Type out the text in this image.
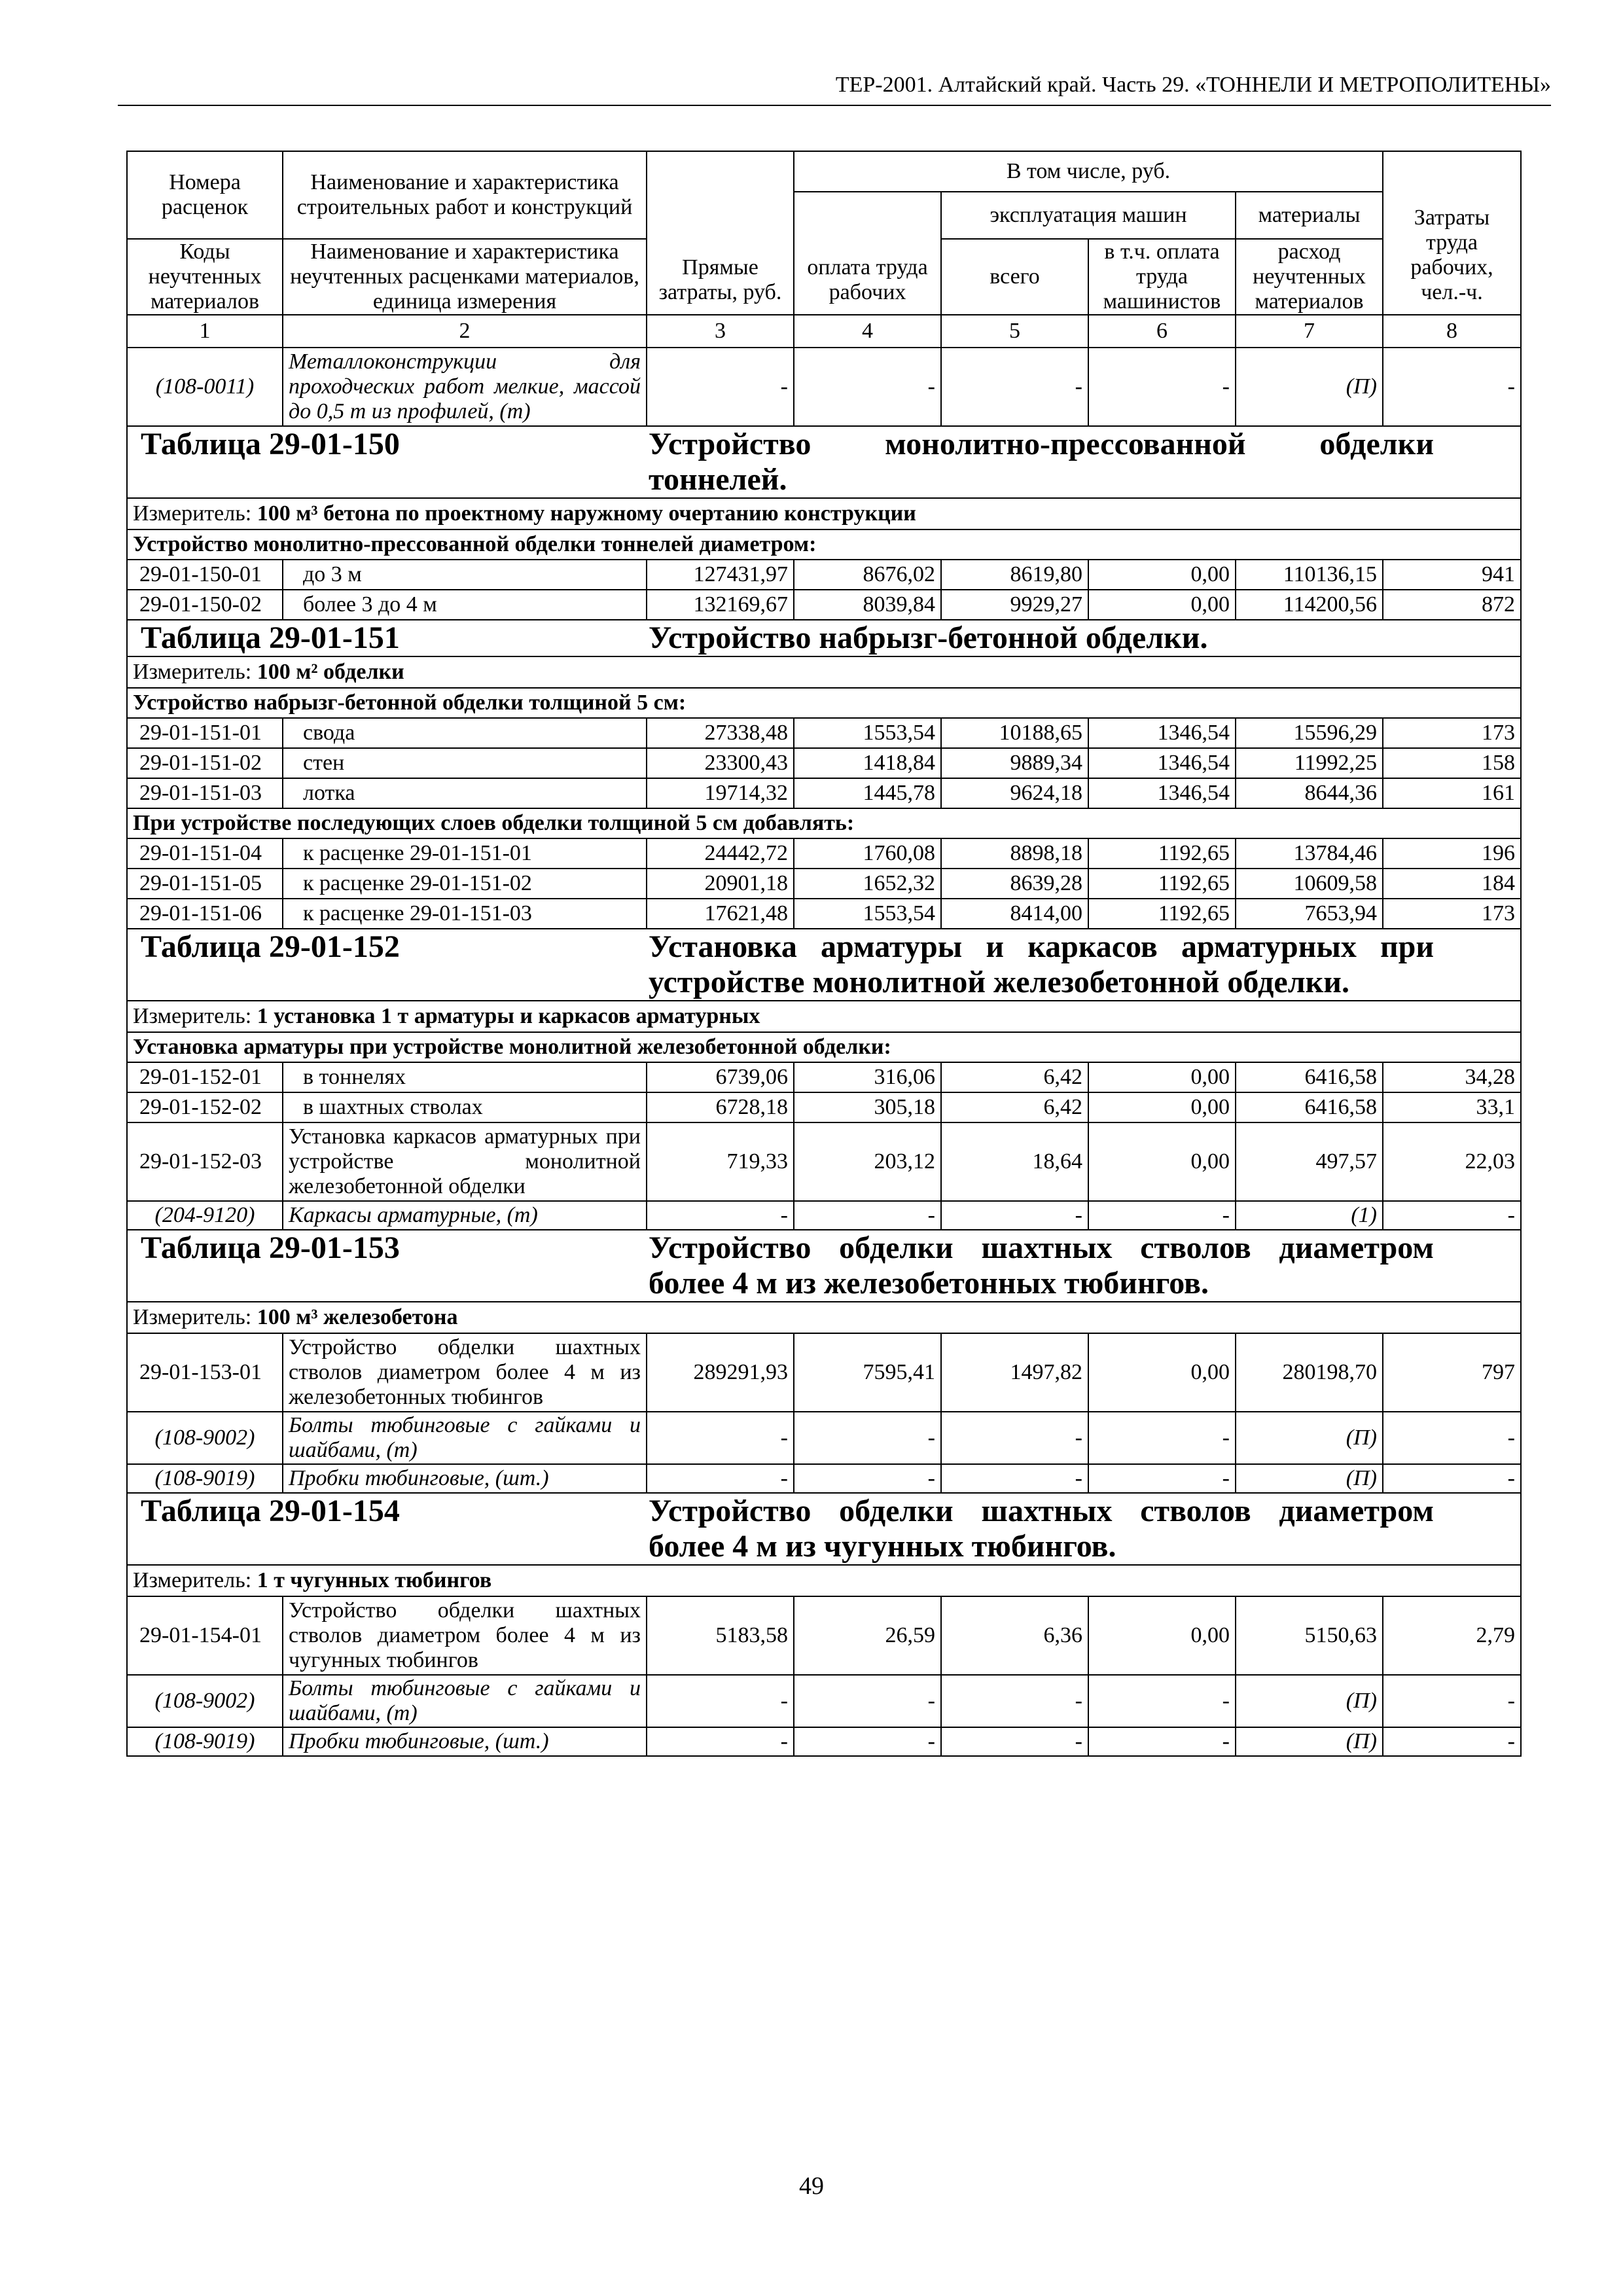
ТЕР-2001. Алтайский край. Часть 29. «ТОННЕЛИ И МЕТРОПОЛИТЕНЫ»
Номера расценок	Наименование и характеристика строительных работ и конструкций	Прямые затраты, руб.	В том числе, руб.				Затраты труда рабочих, чел.-ч.
			оплата труда рабочих	эксплуатация машин		материалы	
Коды неучтенных материалов	Наименование и характеристика неучтенных расценками материалов, единица измерения			всего	в т.ч. оплата труда машинистов	расход неучтенных материалов	
1	2	3	4	5	6	7	8
(108-0011)	Металлоконструкции для проходческих работ мелкие, массой до 0,5 т из профилей, (т)	-	-	-	-	(П)	-
Таблица 29-01-150 Устройство монолитно-прессованной обделки тоннелей.							
Измеритель: 100 м³ бетона по проектному наружному очертанию конструкции							
Устройство монолитно-прессованной обделки тоннелей диаметром:							
29-01-150-01	до 3 м	127431,97	8676,02	8619,80	0,00	110136,15	941
29-01-150-02	более 3 до 4 м	132169,67	8039,84	9929,27	0,00	114200,56	872
Таблица 29-01-151 Устройство набрызг-бетонной обделки.							
Измеритель: 100 м² обделки							
Устройство набрызг-бетонной обделки толщиной 5 см:							
29-01-151-01	свода	27338,48	1553,54	10188,65	1346,54	15596,29	173
29-01-151-02	стен	23300,43	1418,84	9889,34	1346,54	11992,25	158
29-01-151-03	лотка	19714,32	1445,78	9624,18	1346,54	8644,36	161
При устройстве последующих слоев обделки толщиной 5 см добавлять:							
29-01-151-04	к расценке 29-01-151-01	24442,72	1760,08	8898,18	1192,65	13784,46	196
29-01-151-05	к расценке 29-01-151-02	20901,18	1652,32	8639,28	1192,65	10609,58	184
29-01-151-06	к расценке 29-01-151-03	17621,48	1553,54	8414,00	1192,65	7653,94	173
Таблица 29-01-152 Установка арматуры и каркасов арматурных при устройстве монолитной железобетонной обделки.							
Измеритель: 1 установка 1 т арматуры и каркасов арматурных							
Установка арматуры при устройстве монолитной железобетонной обделки:							
29-01-152-01	в тоннелях	6739,06	316,06	6,42	0,00	6416,58	34,28
29-01-152-02	в шахтных стволах	6728,18	305,18	6,42	0,00	6416,58	33,1
29-01-152-03	Установка каркасов арматурных при устройстве монолитной железобетонной обделки	719,33	203,12	18,64	0,00	497,57	22,03
(204-9120)	Каркасы арматурные, (т)	-	-	-	-	(1)	-
Таблица 29-01-153 Устройство обделки шахтных стволов диаметром более 4 м из железобетонных тюбингов.							
Измеритель: 100 м³ железобетона							
29-01-153-01	Устройство обделки шахтных стволов диаметром более 4 м из железобетонных тюбингов	289291,93	7595,41	1497,82	0,00	280198,70	797
(108-9002)	Болты тюбинговые с гайками и шайбами, (т)	-	-	-	-	(П)	-
(108-9019)	Пробки тюбинговые, (шт.)	-	-	-	-	(П)	-
Таблица 29-01-154 Устройство обделки шахтных стволов диаметром более 4 м из чугунных тюбингов.							
Измеритель: 1 т чугунных тюбингов							
29-01-154-01	Устройство обделки шахтных стволов диаметром более 4 м из чугунных тюбингов	5183,58	26,59	6,36	0,00	5150,63	2,79
(108-9002)	Болты тюбинговые с гайками и шайбами, (т)	-	-	-	-	(П)	-
(108-9019)	Пробки тюбинговые, (шт.)	-	-	-	-	(П)	-
49
